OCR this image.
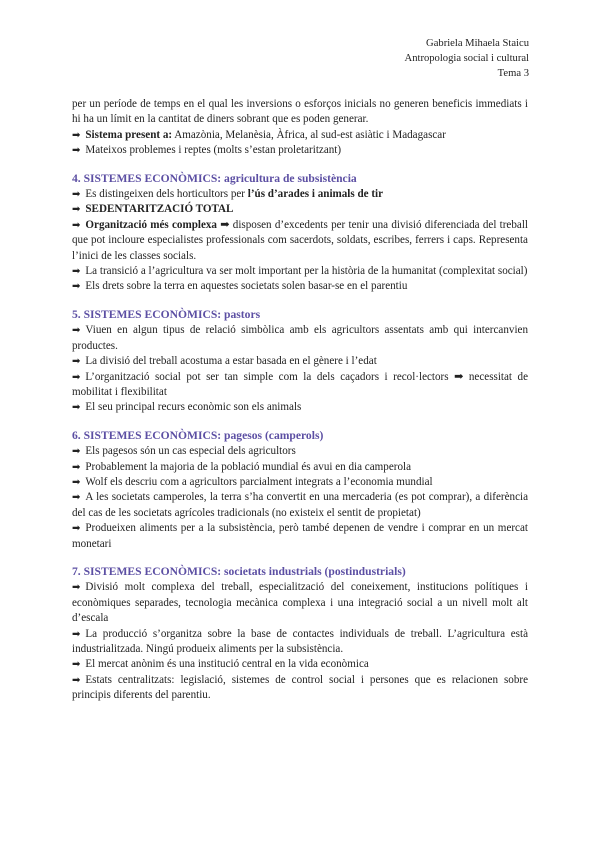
Gabriela Mihaela Staicu
Antropologia social i cultural
Tema 3
per un període de temps en el qual les inversions o esforços inicials no generen beneficis immediats i hi ha un límit en la cantitat de diners sobrant que es poden generar.
➡ Sistema present a: Amazònia, Melanèsia, Àfrica, al sud-est asiàtic i Madagascar
➡ Mateixos problemes i reptes (molts s’estan proletaritzant)
4. SISTEMES ECONÒMICS: agricultura de subsistència
➡ Es distingeixen dels horticultors per l’ús d’arades i animals de tir
➡ SEDENTARITZACIÓ TOTAL
➡ Organització més complexa ➡ disposen d’excedents per tenir una divisió diferenciada del treball que pot incloure especialistes professionals com sacerdots, soldats, escribes, ferrers i caps. Representa l’inici de les classes socials.
➡ La transició a l’agricultura va ser molt important per la història de la humanitat (complexitat social)
➡ Els drets sobre la terra en aquestes societats solen basar-se en el parentiu
5. SISTEMES ECONÒMICS: pastors
➡ Viuen en algun tipus de relació simbòlica amb els agricultors assentats amb qui intercanvien productes.
➡ La divisió del treball acostuma a estar basada en el gènere i l’edat
➡ L’organització social pot ser tan simple com la dels caçadors i recol·lectors ➡ necessitat de mobilitat i flexibilitat
➡ El seu principal recurs econòmic son els animals
6. SISTEMES ECONÒMICS: pagesos (camperols)
➡ Els pagesos són un cas especial dels agricultors
➡ Probablement la majoria de la població mundial és avui en dia camperola
➡ Wolf els descriu com a agricultors parcialment integrats a l’economia mundial
➡ A les societats camperoles, la terra s’ha convertit en una mercaderia (es pot comprar), a diferència del cas de les societats agrícoles tradicionals (no existeix el sentit de propietat)
➡ Produeixen aliments per a la subsistència, però també depenen de vendre i comprar en un mercat monetari
7. SISTEMES ECONÒMICS: societats industrials (postindustrials)
➡ Divisió molt complexa del treball, especialització del coneixement, institucions polítiques i econòmiques separades, tecnologia mecànica complexa i una integració social a un nivell molt alt d’escala
➡ La producció s’organitza sobre la base de contactes individuals de treball. L’agricultura està industrialitzada. Ningú produeix aliments per la subsistència.
➡ El mercat anònim és una institució central en la vida econòmica
➡ Estats centralitzats: legislació, sistemes de control social i persones que es relacionen sobre principis diferents del parentiu.
